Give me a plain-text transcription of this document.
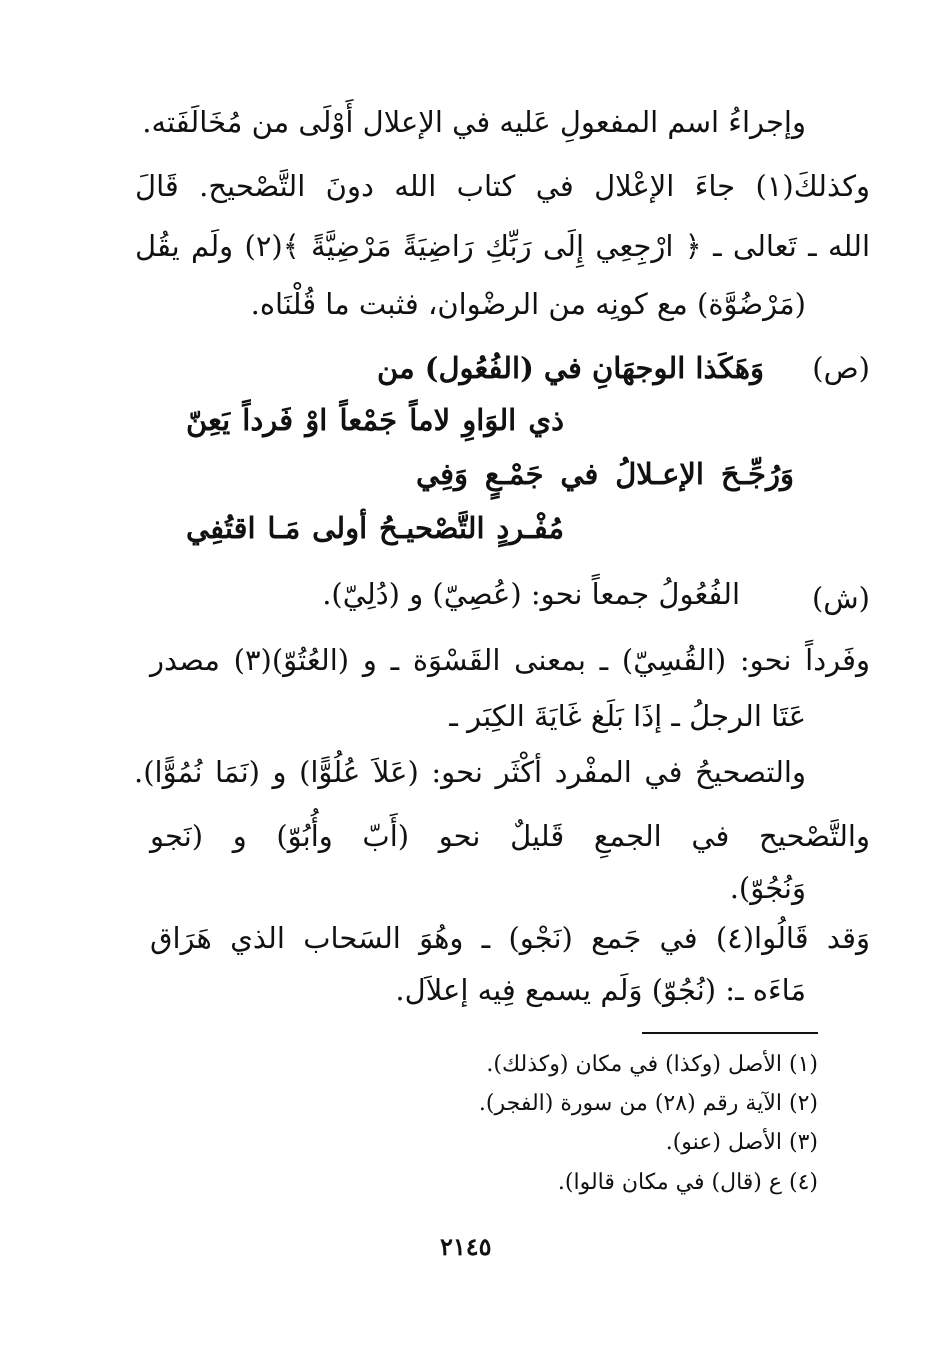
وإجراءُ اسم المفعولِ عَليه في الإعلال أَوْلَى من مُخَالَفَته.
وكذلكَ(١) جاءَ الإعْلال في كتاب الله دونَ التَّصْحيح. قَالَ
الله ـ تَعالى ـ ﴿ ارْجِعِي إِلَى رَبِّكِ رَاضِيَةً مَرْضِيَّةً ﴾(٢) ولَم يقُل
(مَرْضُوَّة) مع كونِه من الرضْوان، فثبت ما قُلْنَاه.
(ص)
وَهَكَذا الوجهَانِ في (الفُعُول) من
ذي الوَاوِ لاماً جَمْعاً اوْ فَرداً يَعِنّ
وَرُجِّـحَ الإعـلالُ في جَمْـعٍ وَفِي
مُفْـردٍ التَّصْحيـحُ أولى مَـا اقتُفِي
(ش)
الفُعُولُ جمعاً نحو: (عُصِيّ) و (دُلِيّ).
وفَرداً نحو: (القُسِيّ) ـ بمعنى القَسْوَة ـ و (العُتُوّ)(٣) مصدر
عَتَا الرجلُ ـ إذَا بَلَغ غَايَةَ الكِبَر ـ
والتصحيحُ في المفْرد أكْثَر نحو: (عَلاَ عُلُوًّا) و (نَمَا نُمُوًّا).
والتَّصْحيح في الجمعِ قَليلٌ نحو (أَبّ وأُبُوّ) و (نَجو
وَنُجُوّ).
وَقد قَالُوا(٤) في جَمع (نَجْو) ـ وهُوَ السَحاب الذي هَرَاق
مَاءَه ـ: (نُجُوّ) وَلَم يسمع فِيه إعلاَل.
(١) الأصل (وكذا) في مكان (وكذلك).
(٢) الآية رقم (٢٨) من سورة (الفجر).
(٣) الأصل (عنو).
(٤) ع (قال) في مكان قالوا).
٢١٤٥
